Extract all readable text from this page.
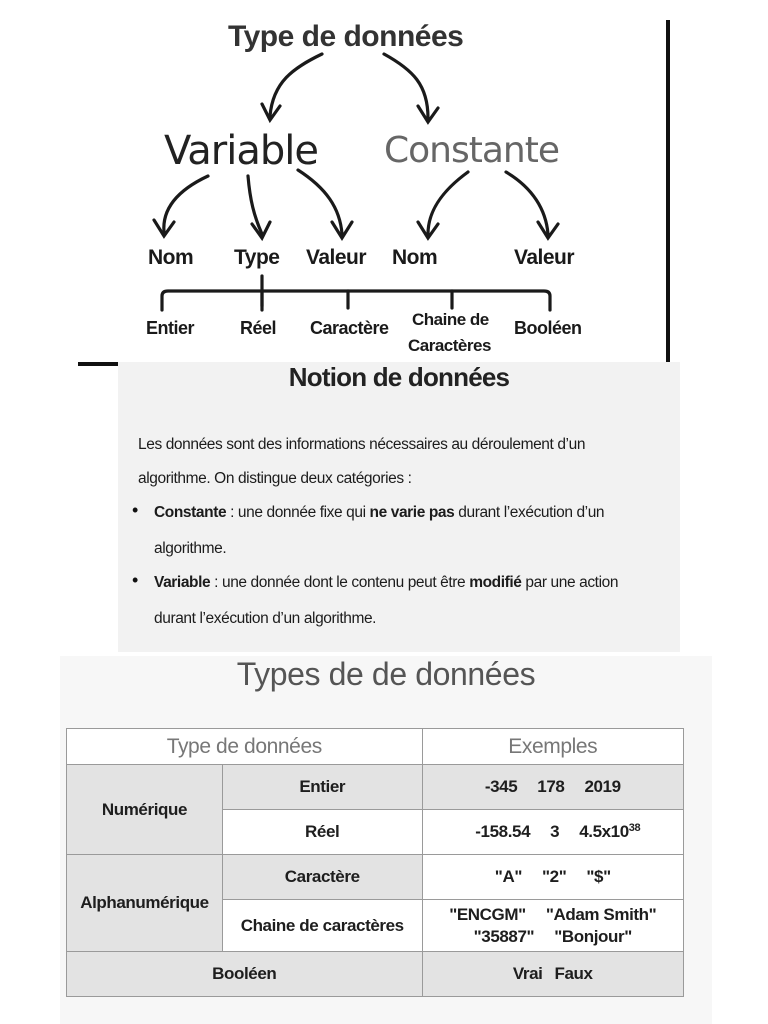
Type de données
Variable Constante
Nom Type Valeur Nom	Valeur
Entier	Réel Caractère Chaine de
Caractères
Booléen
Notion de données
Les données sont des informations nécessaires au déroulement d’un
algorithme. On distingue deux catégories :
• Constante : une donnée fixe qui ne varie pas durant l’exécution d’un
algorithme.
• Variable : une donnée dont le contenu peut être modifié par une action
durant l’exécution d’un algorithme.
Types de de données
Type de données		Exemples
Numérique	Entier	-345 178 2019
	Réel	-158.54 3 $4.5x10^{38}$
Alphanumérique	Caractère	"A" "2" "$"
	Chaine de caractères	"ENCGM" "Adam Smith"
"35887" "Bonjour"

Booléen		Vrai Faux
